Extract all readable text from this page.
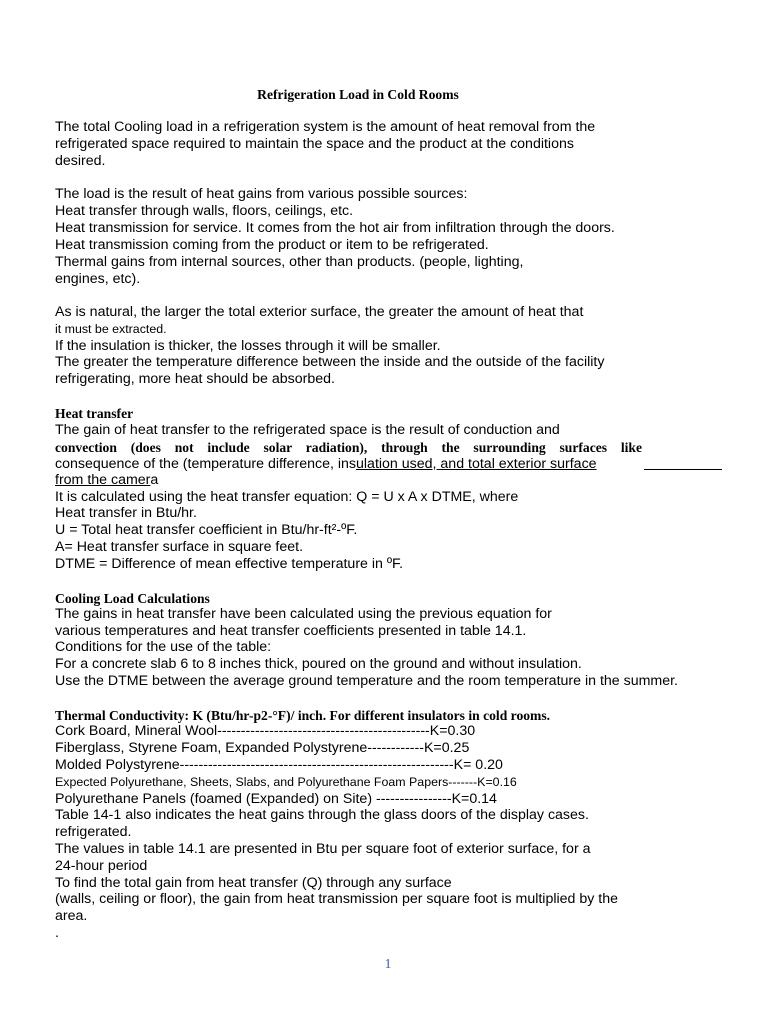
Refrigeration Load in Cold Rooms
The total Cooling load in a refrigeration system is the amount of heat removal from the
refrigerated space required to maintain the space and the product at the conditions
desired.
The load is the result of heat gains from various possible sources:
Heat transfer through walls, floors, ceilings, etc.
Heat transmission for service. It comes from the hot air from infiltration through the doors.
Heat transmission coming from the product or item to be refrigerated.
Thermal gains from internal sources, other than products. (people, lighting,
engines, etc).
As is natural, the larger the total exterior surface, the greater the amount of heat that
it must be extracted.
If the insulation is thicker, the losses through it will be smaller.
The greater the temperature difference between the inside and the outside of the facility
refrigerating, more heat should be absorbed.
Heat transfer
The gain of heat transfer to the refrigerated space is the result of conduction and
convection (does not include solar radiation), through the surrounding surfaces like
consequence of the (temperature difference, insulation used, and total exterior surface
from the camera
It is calculated using the heat transfer equation: Q = U x A x DTME, where
Heat transfer in Btu/hr.
U = Total heat transfer coefficient in Btu/hr-ft²-ºF.
A= Heat transfer surface in square feet.
DTME = Difference of mean effective temperature in ºF.
Cooling Load Calculations
The gains in heat transfer have been calculated using the previous equation for
various temperatures and heat transfer coefficients presented in table 14.1.
Conditions for the use of the table:
For a concrete slab 6 to 8 inches thick, poured on the ground and without insulation.
Use the DTME between the average ground temperature and the room temperature in the summer.
Thermal Conductivity: K (Btu/hr-p2-°F)/ inch. For different insulators in cold rooms.
Cork Board, Mineral Wool---------------------------------------------K=0.30
Fiberglass, Styrene Foam, Expanded Polystyrene------------K=0.25
Molded Polystyrene----------------------------------------------------------K= 0.20
Expected Polyurethane, Sheets, Slabs, and Polyurethane Foam Papers-------K=0.16
Polyurethane Panels (foamed (Expanded) on Site) ----------------K=0.14
Table 14-1 also indicates the heat gains through the glass doors of the display cases.
refrigerated.
The values in table 14.1 are presented in Btu per square foot of exterior surface, for a
24-hour period
To find the total gain from heat transfer (Q) through any surface
(walls, ceiling or floor), the gain from heat transmission per square foot is multiplied by the
area.
.
1
